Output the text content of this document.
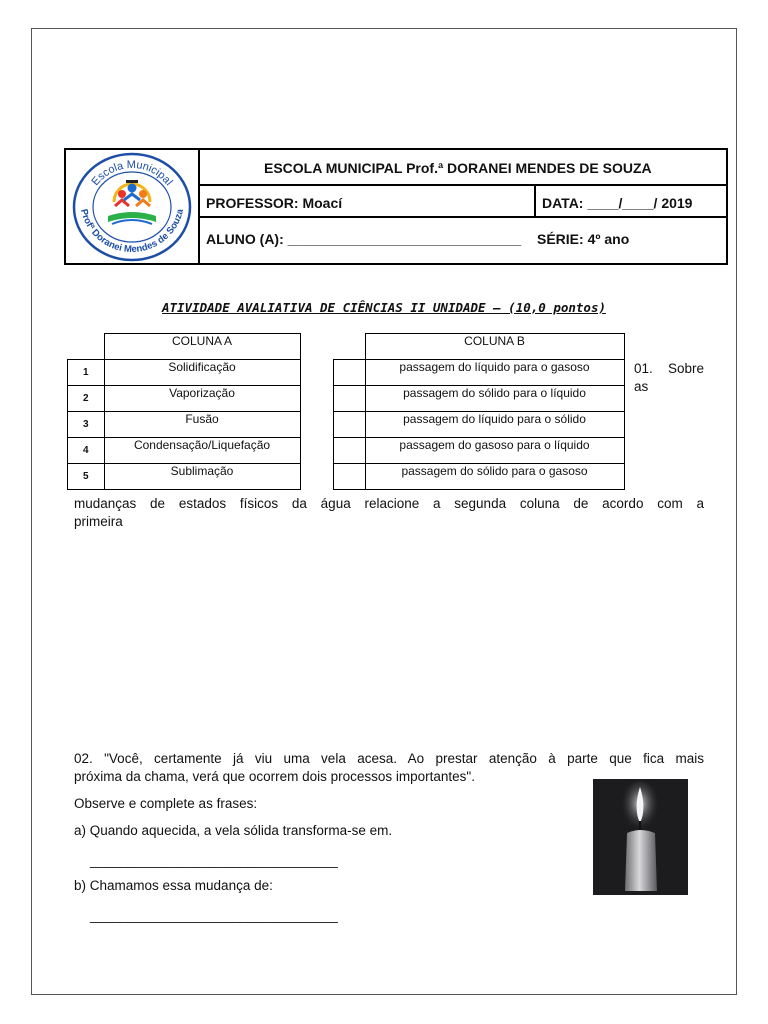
Escola Municipal
Profª Doranei Mendes de Souza
ESCOLA MUNICIPAL Prof.ª DORANEI MENDES DE SOUZA
PROFESSOR: Moací	DATA: ____/____/ 2019
ALUNO (A): ______________________________ SÉRIE: 4º ano
ATIVIDADE AVALIATIVA DE CIÊNCIAS II UNIDADE – (10,0 pontos)
	COLUNA A
1	Solidificação
2	Vaporização
3	Fusão
4	Condensação/Liquefação
5	Sublimação
	COLUNA B
	passagem do líquido para o gasoso
	passagem do sólido para o líquido
	passagem do líquido para o sólido
	passagem do gasoso para o líquido
	passagem do sólido para o gasoso
01. Sobre
as
mudanças de estados físicos da água relacione a segunda coluna de acordo com a
primeira
02. "Você, certamente já viu uma vela acesa. Ao prestar atenção à parte que fica mais
próxima da chama, verá que ocorrem dois processos importantes".
Observe e complete as frases:
a) Quando aquecida, a vela sólida transforma-se em.
_________________________________
b) Chamamos essa mudança de:
_________________________________
